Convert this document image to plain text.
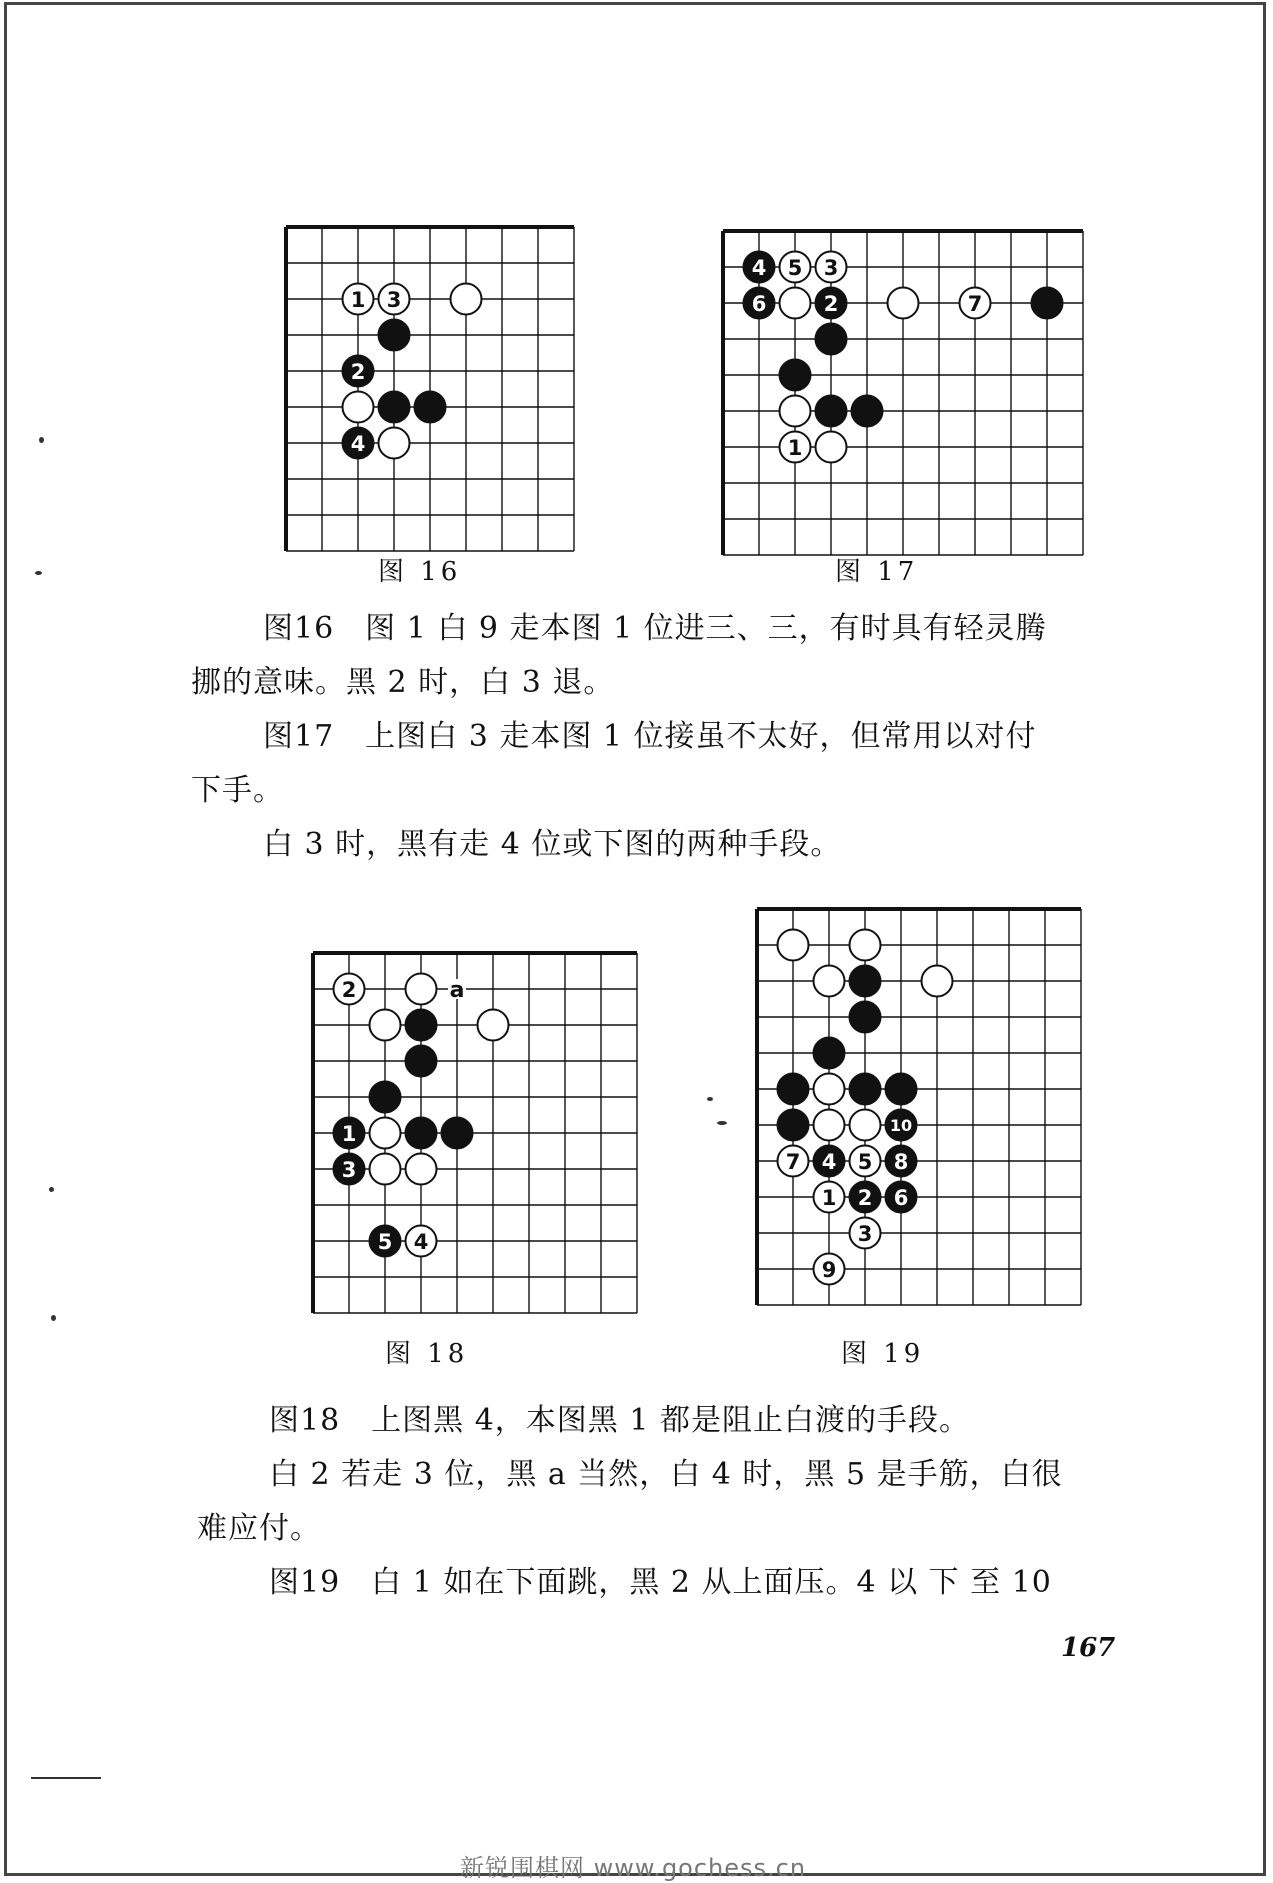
1 3
2
4
图 16
4 5 3
6	2	7
1
图 17
a
2
1
3
5 4
图 18
10
7 4 5 8
1 2 6
3
9
图 19
图16　图 1 白 9 走本图 1 位进三、三，有时具有轻灵腾
挪的意味。黑 2 时，白 3 退。
图17　上图白 3 走本图 1 位接虽不太好，但常用以对付
下手。
白 3 时，黑有走 4 位或下图的两种手段。
图18　上图黑 4，本图黑 1 都是阻止白渡的手段。
白 2 若走 3 位，黑 a 当然，白 4 时，黑 5 是手筋，白很
难应付。
图19　白 1 如在下面跳，黑 2 从上面压。4 以 下 至 10
167
新锐围棋网 www.gochess.cn
